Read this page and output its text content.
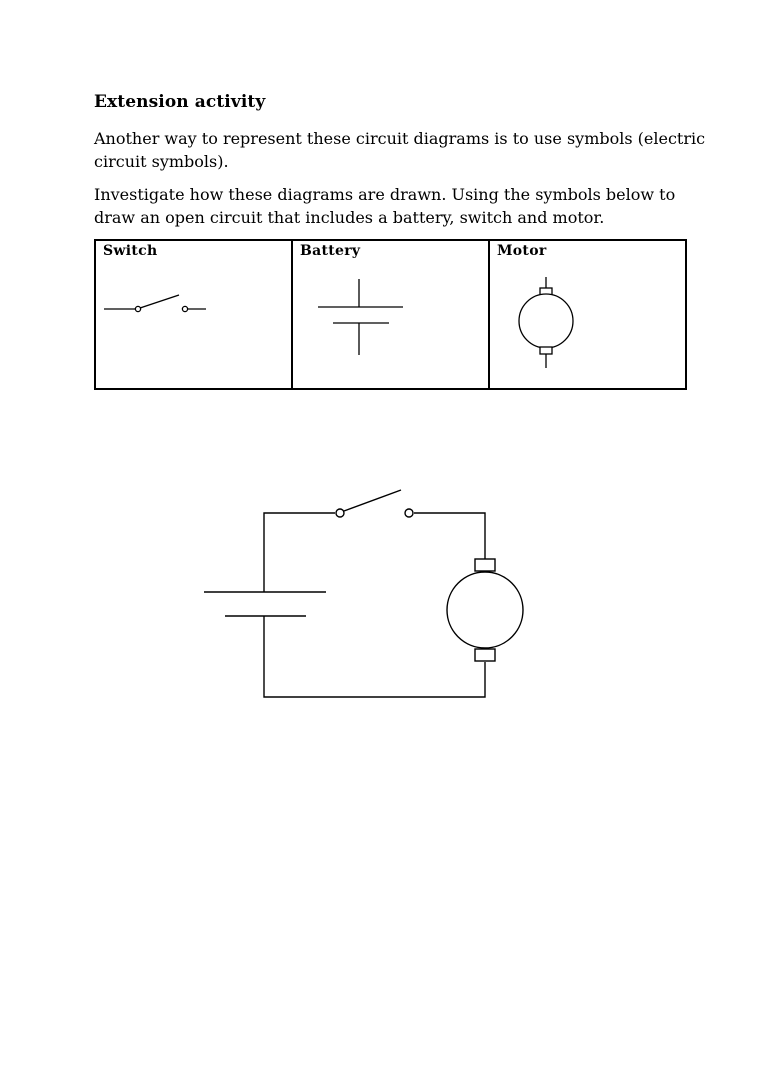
Extension activity

Another way to represent these circuit diagrams is to use symbols (electric circuit symbols).

Investigate how these diagrams are drawn. Using the symbols below to draw an open circuit that includes a battery, switch and motor.

Switch	Battery	Motor
